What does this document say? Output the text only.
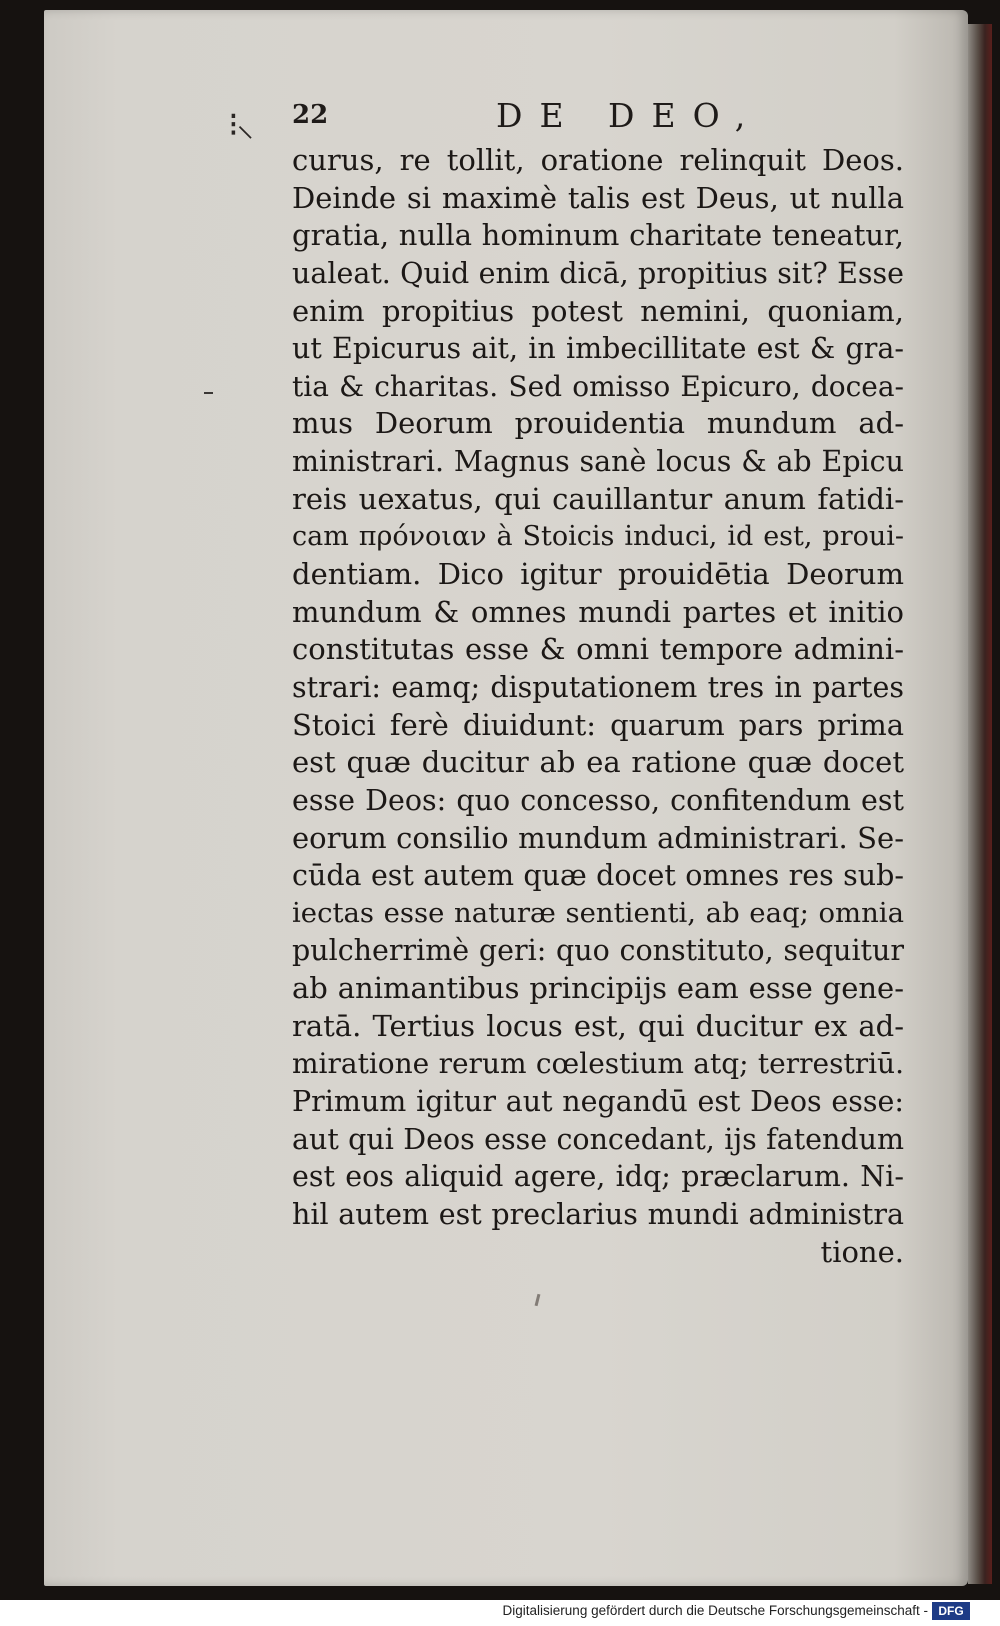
⁝⸜ 22	DE DEO,
curus, re tollit, oratione relinquit Deos.
Deinde si maximè talis est Deus, ut nulla
gratia, nulla hominum charitate teneatur,
ualeat. Quid enim dicā, propitius sit? Esse
enim propitius potest nemini, quoniam,
ut Epicurus ait, in imbecillitate est & gra-
tia & charitas. Sed omisso Epicuro, doceа-
mus Deorum prouidentia mundum ad-
ministrari. Magnus sanè locus & ab Epicu
reis uexatus, qui cauillantur anum fatidi-
cam πρόνοιαν à Stoicis induci, id est, proui-
dentiam. Dico igitur prouidētia Deorum
mundum & omnes mundi partes et initio
constitutas esse & omni tempore admini-
strari: eamq; disputationem tres in partes
Stoici ferè diuidunt: quarum pars prima
est quæ ducitur ab ea ratione quæ docet
esse Deos: quo concesso, confitendum est
eorum consilio mundum administrari. Se-
cūda est autem quæ docet omnes res sub-
iectas esse naturæ sentienti, ab eaq; omnia
pulcherrimè geri: quo constituto, sequitur
ab animantibus principijs eam esse gene-
ratā. Tertius locus est, qui ducitur ex ad-
miratione rerum cœlestium atq; terrestriū.
Primum igitur aut negandū est Deos esse:
aut qui Deos esse concedant, ijs fatendum
est eos aliquid agere, idq; præclarum. Ni-
hil autem est preclarius mundi administra
tione.
Digitalisierung gefördert durch die Deutsche Forschungsgemeinschaft - DFG
